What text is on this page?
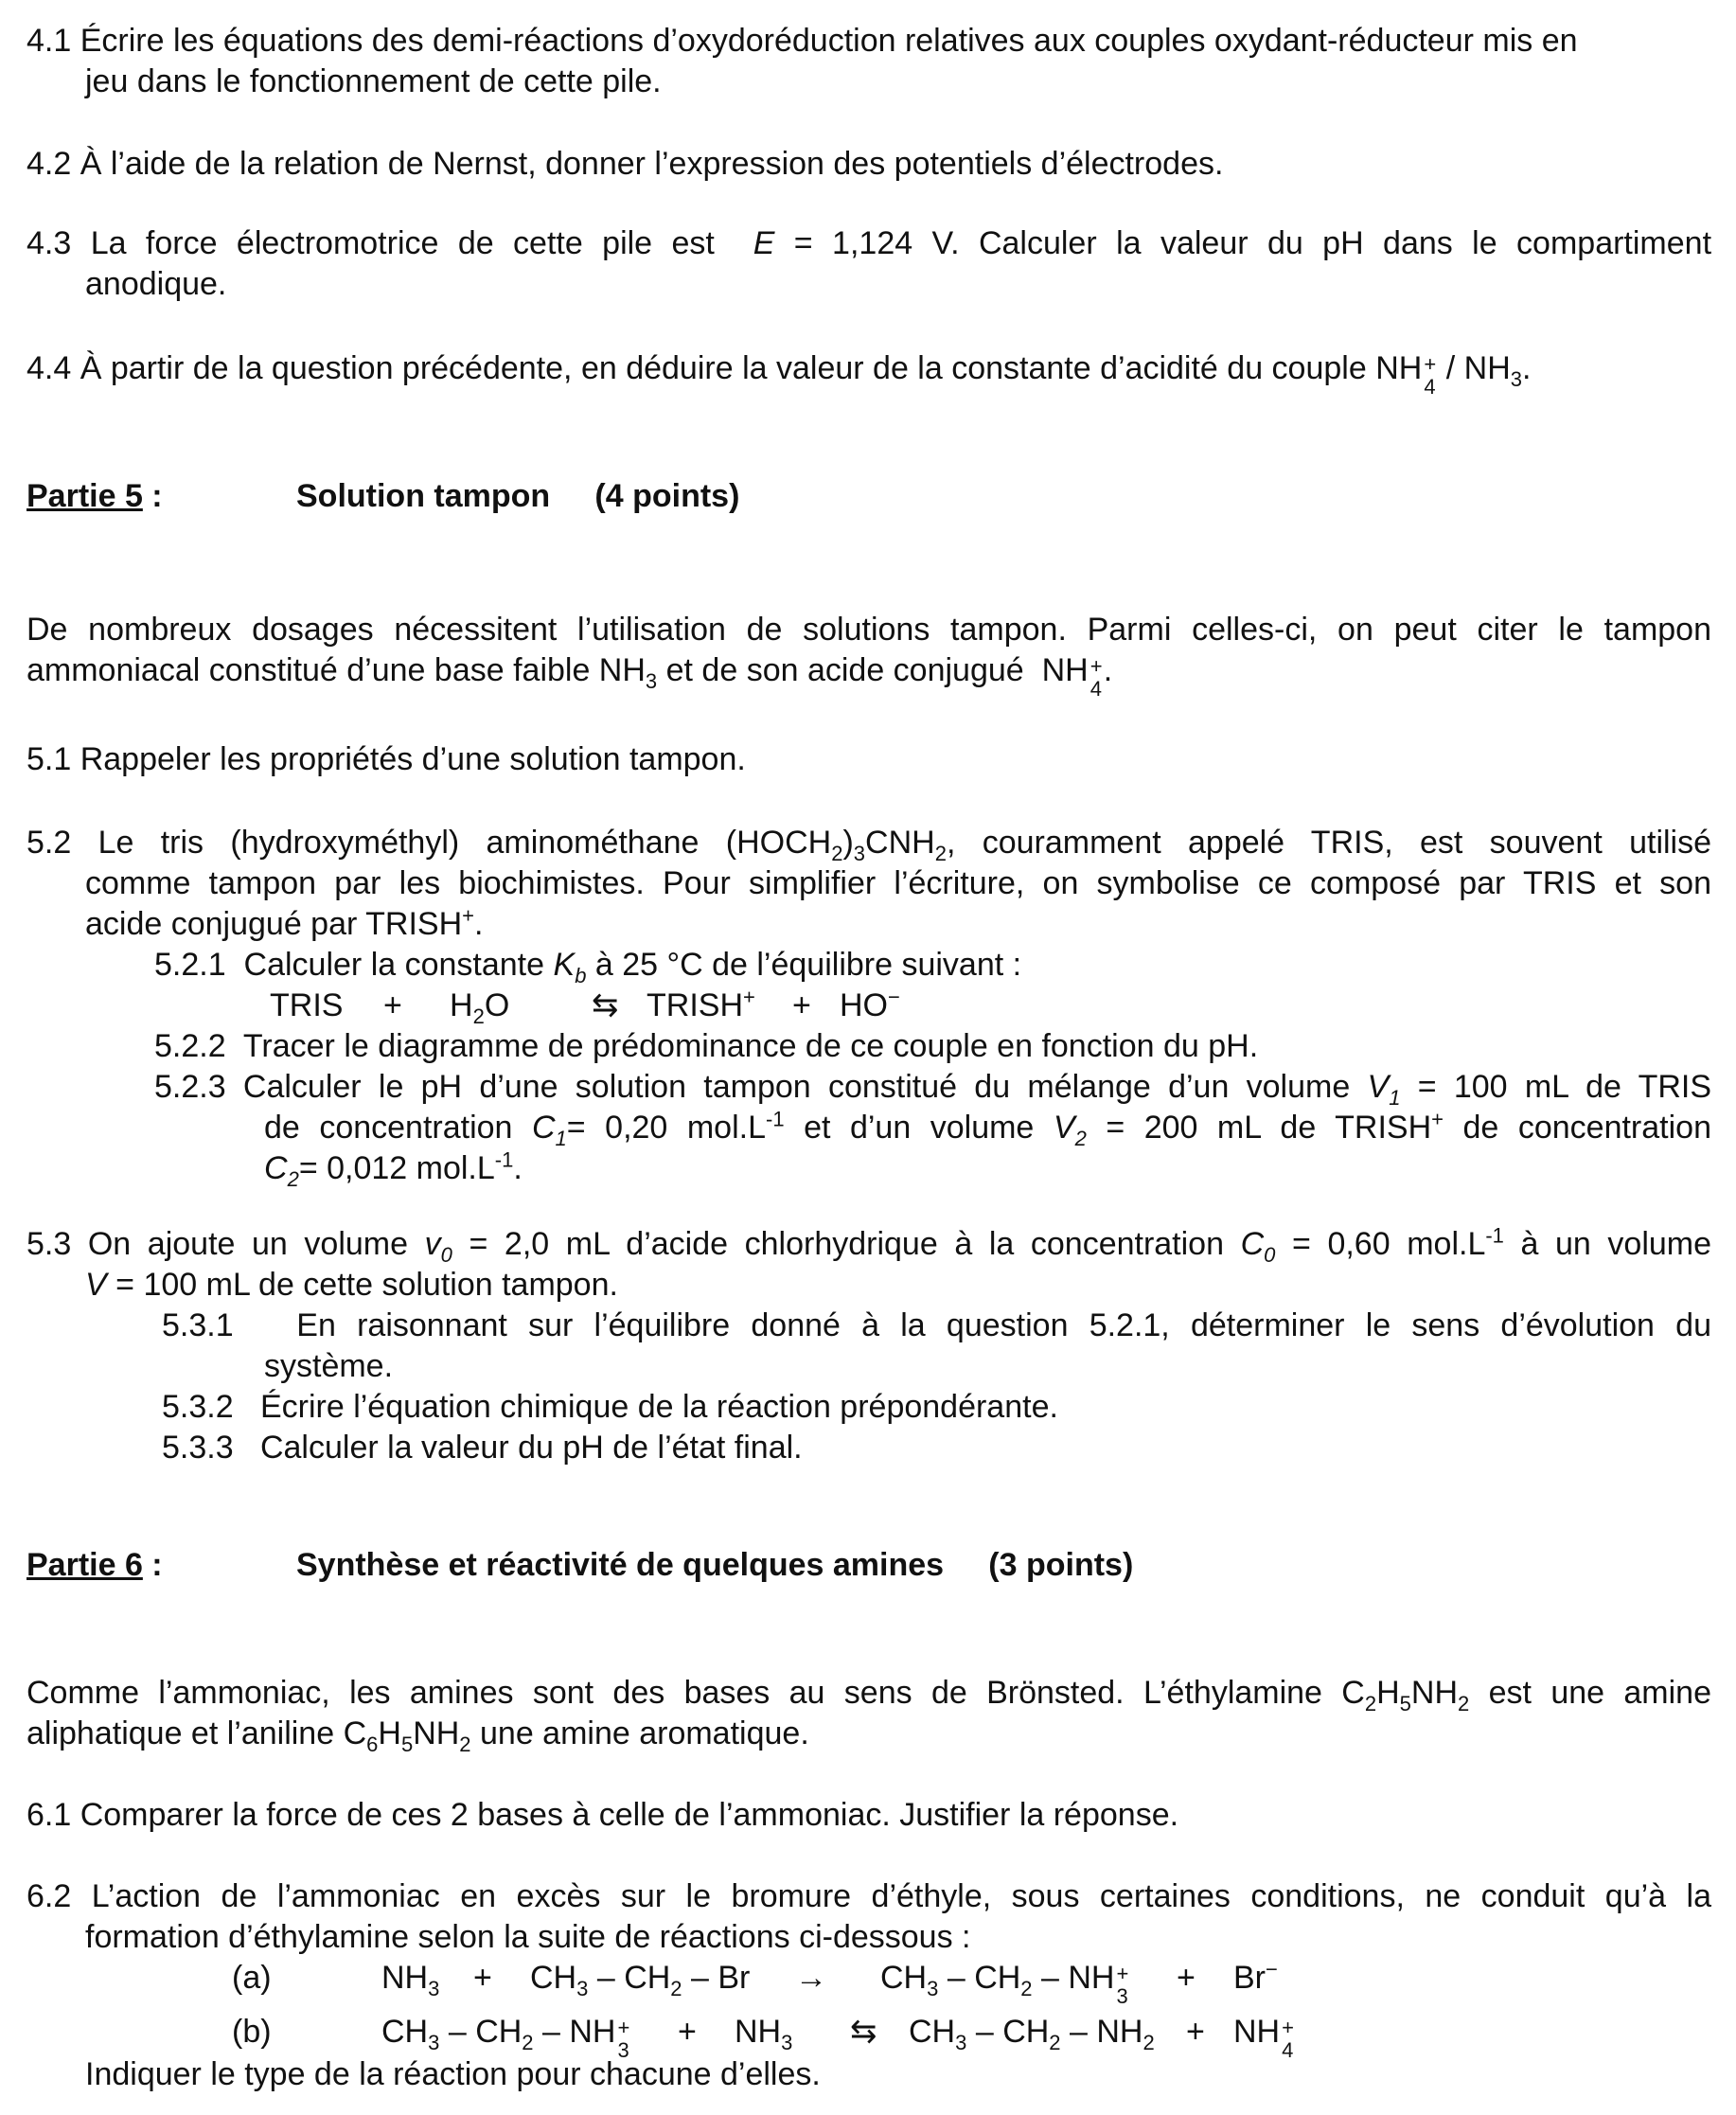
4.1 Écrire les équations des demi-réactions d’oxydoréduction relatives aux couples oxydant-réducteur mis en
jeu dans le fonctionnement de cette pile.
4.2 À l’aide de la relation de Nernst, donner l’expression des potentiels d’électrodes.
4.3 La force électromotrice de cette pile est E = 1,124 V. Calculer la valeur du pH dans le compartiment
anodique.
4.4 À partir de la question précédente, en déduire la valeur de la constante d’acidité du couple NH +
4
/ $NH_3$.
Partie 5 :	Solution tampon (4 points)
De nombreux dosages nécessitent l’utilisation de solutions tampon. Parmi celles-ci, on peut citer le tampon
ammoniacal constitué d’une base faible $NH_3$ et de son acide conjugué NH +
4
.
5.1 Rappeler les propriétés d’une solution tampon.
5.2 Le tris (hydroxyméthyl) aminométhane $(HOCH_2)_3CNH_2$, couramment appelé TRIS, est souvent utilisé
comme tampon par les biochimistes. Pour simplifier l’écriture, on symbolise ce composé par TRIS et son
acide conjugué par TRISH+.
5.2.1 Calculer la constante $K_b$ à 25 °C de l’équilibre suivant :
TRIS + $H_2O$	⇆ TRISH+ + HO−
5.2.2 Tracer le diagramme de prédominance de ce couple en fonction du pH.
5.2.3 Calculer le pH d’une solution tampon constitué du mélange d’un volume $V_1 = 100$ mL de TRIS
de concentration $C_1= 0,20$ $mol.L^{-1}$ et d’un volume $V_2 = 200$ mL de TRISH+ de concentration
$C_2= 0,012$ $mol.L^{-1}$.
5.3 On ajoute un volume $v_0 = 2,0$ mL d’acide chlorhydrique à la concentration $C_0 = 0,60$ $mol.L^{-1}$ à un volume
V = 100 mL de cette solution tampon.
5.3.1 En raisonnant sur l’équilibre donné à la question 5.2.1, déterminer le sens d’évolution du
système.
5.3.2 Écrire l’équation chimique de la réaction prépondérante.
5.3.3 Calculer la valeur du pH de l’état final.
Partie 6 :	Synthèse et réactivité de quelques amines (3 points)
Comme l’ammoniac, les amines sont des bases au sens de Brönsted. L’éthylamine $C_2H_5NH_2$ est une amine
aliphatique et l’aniline $C_6H_5NH_2$ une amine aromatique.
6.1 Comparer la force de ces 2 bases à celle de l’ammoniac. Justifier la réponse.
6.2 L’action de l’ammoniac en excès sur le bromure d’éthyle, sous certaines conditions, ne conduit qu’à la
formation d’éthylamine selon la suite de réactions ci-dessous :
(a)	$NH_3 + CH_3 - CH_2 - Br \to CH_3 - CH_2$ – NH +
3
+ Br−
(b)	$CH_3 - CH_2$ – NH +
3
+ $NH_3$ ⇆ $CH_3 - CH_2 - NH_2$ + NH +
4
Indiquer le type de la réaction pour chacune d’elles.
